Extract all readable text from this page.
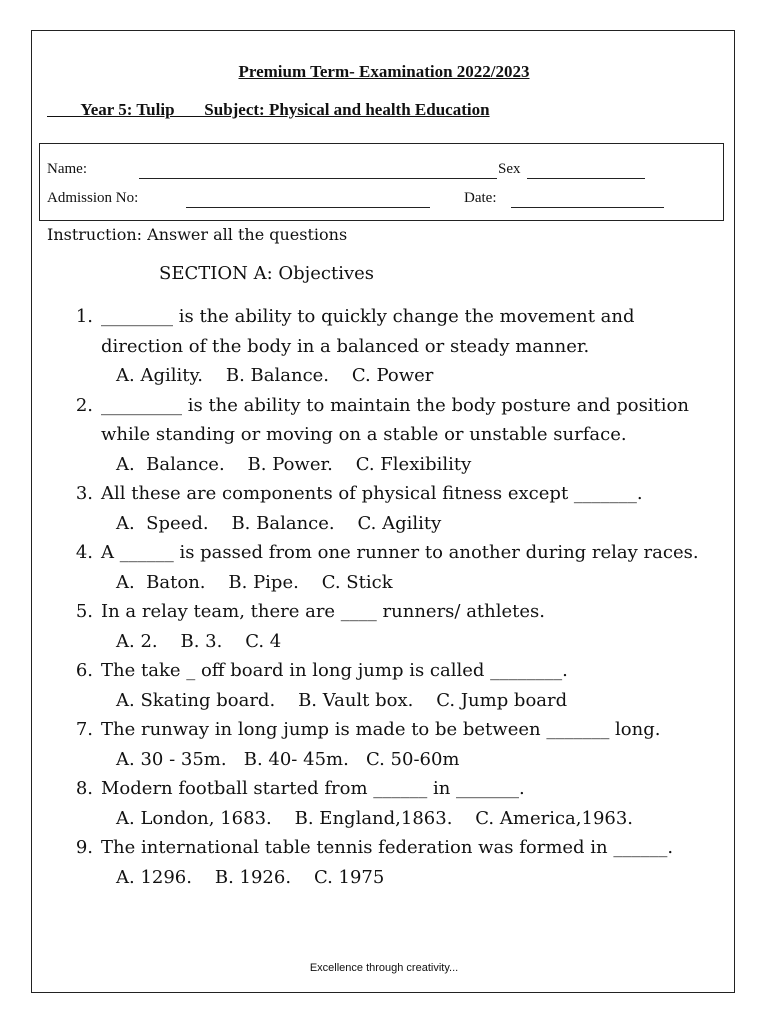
Premium Term- Examination 2022/2023
Year 5: Tulip       Subject: Physical and health Education
Name:	Sex
Admission No:	Date:
Instruction: Answer all the questions
SECTION A: Objectives
1. ________ is the ability to quickly change the movement and direction of the body in a balanced or steady manner.
A. Agility.    B. Balance.    C. Power
2. _________ is the ability to maintain the body posture and position while standing or moving on a stable or unstable surface.
A.  Balance.    B. Power.    C. Flexibility
3. All these are components of physical fitness except _______.
A.  Speed.    B. Balance.    C. Agility
4. A ______ is passed from one runner to another during relay races.
A.  Baton.    B. Pipe.    C. Stick
5. In a relay team, there are ____ runners/ athletes.
A. 2.    B. 3.    C. 4
6. The take _ off board in long jump is called ________.
A. Skating board.    B. Vault box.    C. Jump board
7. The runway in long jump is made to be between _______ long.
A. 30 - 35m.   B. 40- 45m.   C. 50-60m
8. Modern football started from ______ in _______.
A. London, 1683.    B. England,1863.    C. America,1963.
9. The international table tennis federation was formed in ______.
A. 1296.    B. 1926.    C. 1975
Excellence through creativity...
